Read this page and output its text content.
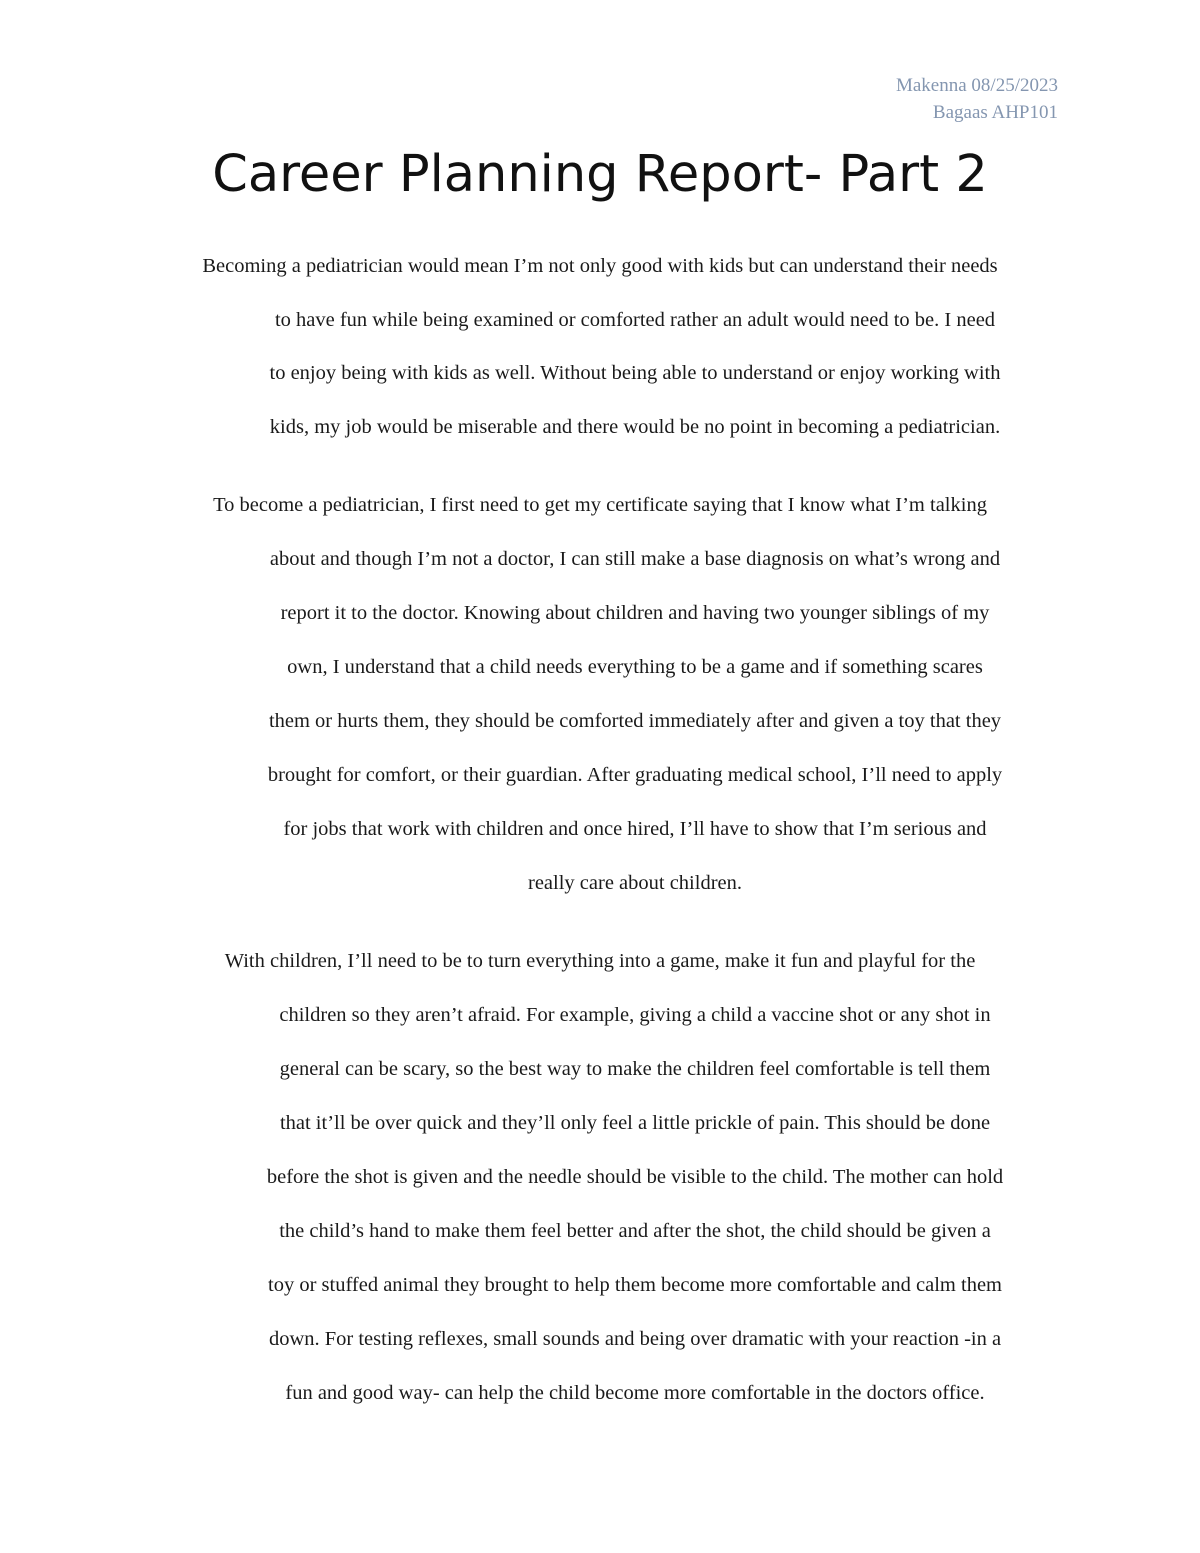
Makenna 08/25/2023
Bagaas AHP101
Career Planning Report- Part 2
Becoming a pediatrician would mean I’m not only good with kids but can understand their needs
to have fun while being examined or comforted rather an adult would need to be. I need
to enjoy being with kids as well. Without being able to understand or enjoy working with
kids, my job would be miserable and there would be no point in becoming a pediatrician.
To become a pediatrician, I first need to get my certificate saying that I know what I’m talking
about and though I’m not a doctor, I can still make a base diagnosis on what’s wrong and
report it to the doctor. Knowing about children and having two younger siblings of my
own, I understand that a child needs everything to be a game and if something scares
them or hurts them, they should be comforted immediately after and given a toy that they
brought for comfort, or their guardian. After graduating medical school, I’ll need to apply
for jobs that work with children and once hired, I’ll have to show that I’m serious and
really care about children.
With children, I’ll need to be to turn everything into a game, make it fun and playful for the
children so they aren’t afraid. For example, giving a child a vaccine shot or any shot in
general can be scary, so the best way to make the children feel comfortable is tell them
that it’ll be over quick and they’ll only feel a little prickle of pain. This should be done
before the shot is given and the needle should be visible to the child. The mother can hold
the child’s hand to make them feel better and after the shot, the child should be given a
toy or stuffed animal they brought to help them become more comfortable and calm them
down. For testing reflexes, small sounds and being over dramatic with your reaction -in a
fun and good way- can help the child become more comfortable in the doctors office.
